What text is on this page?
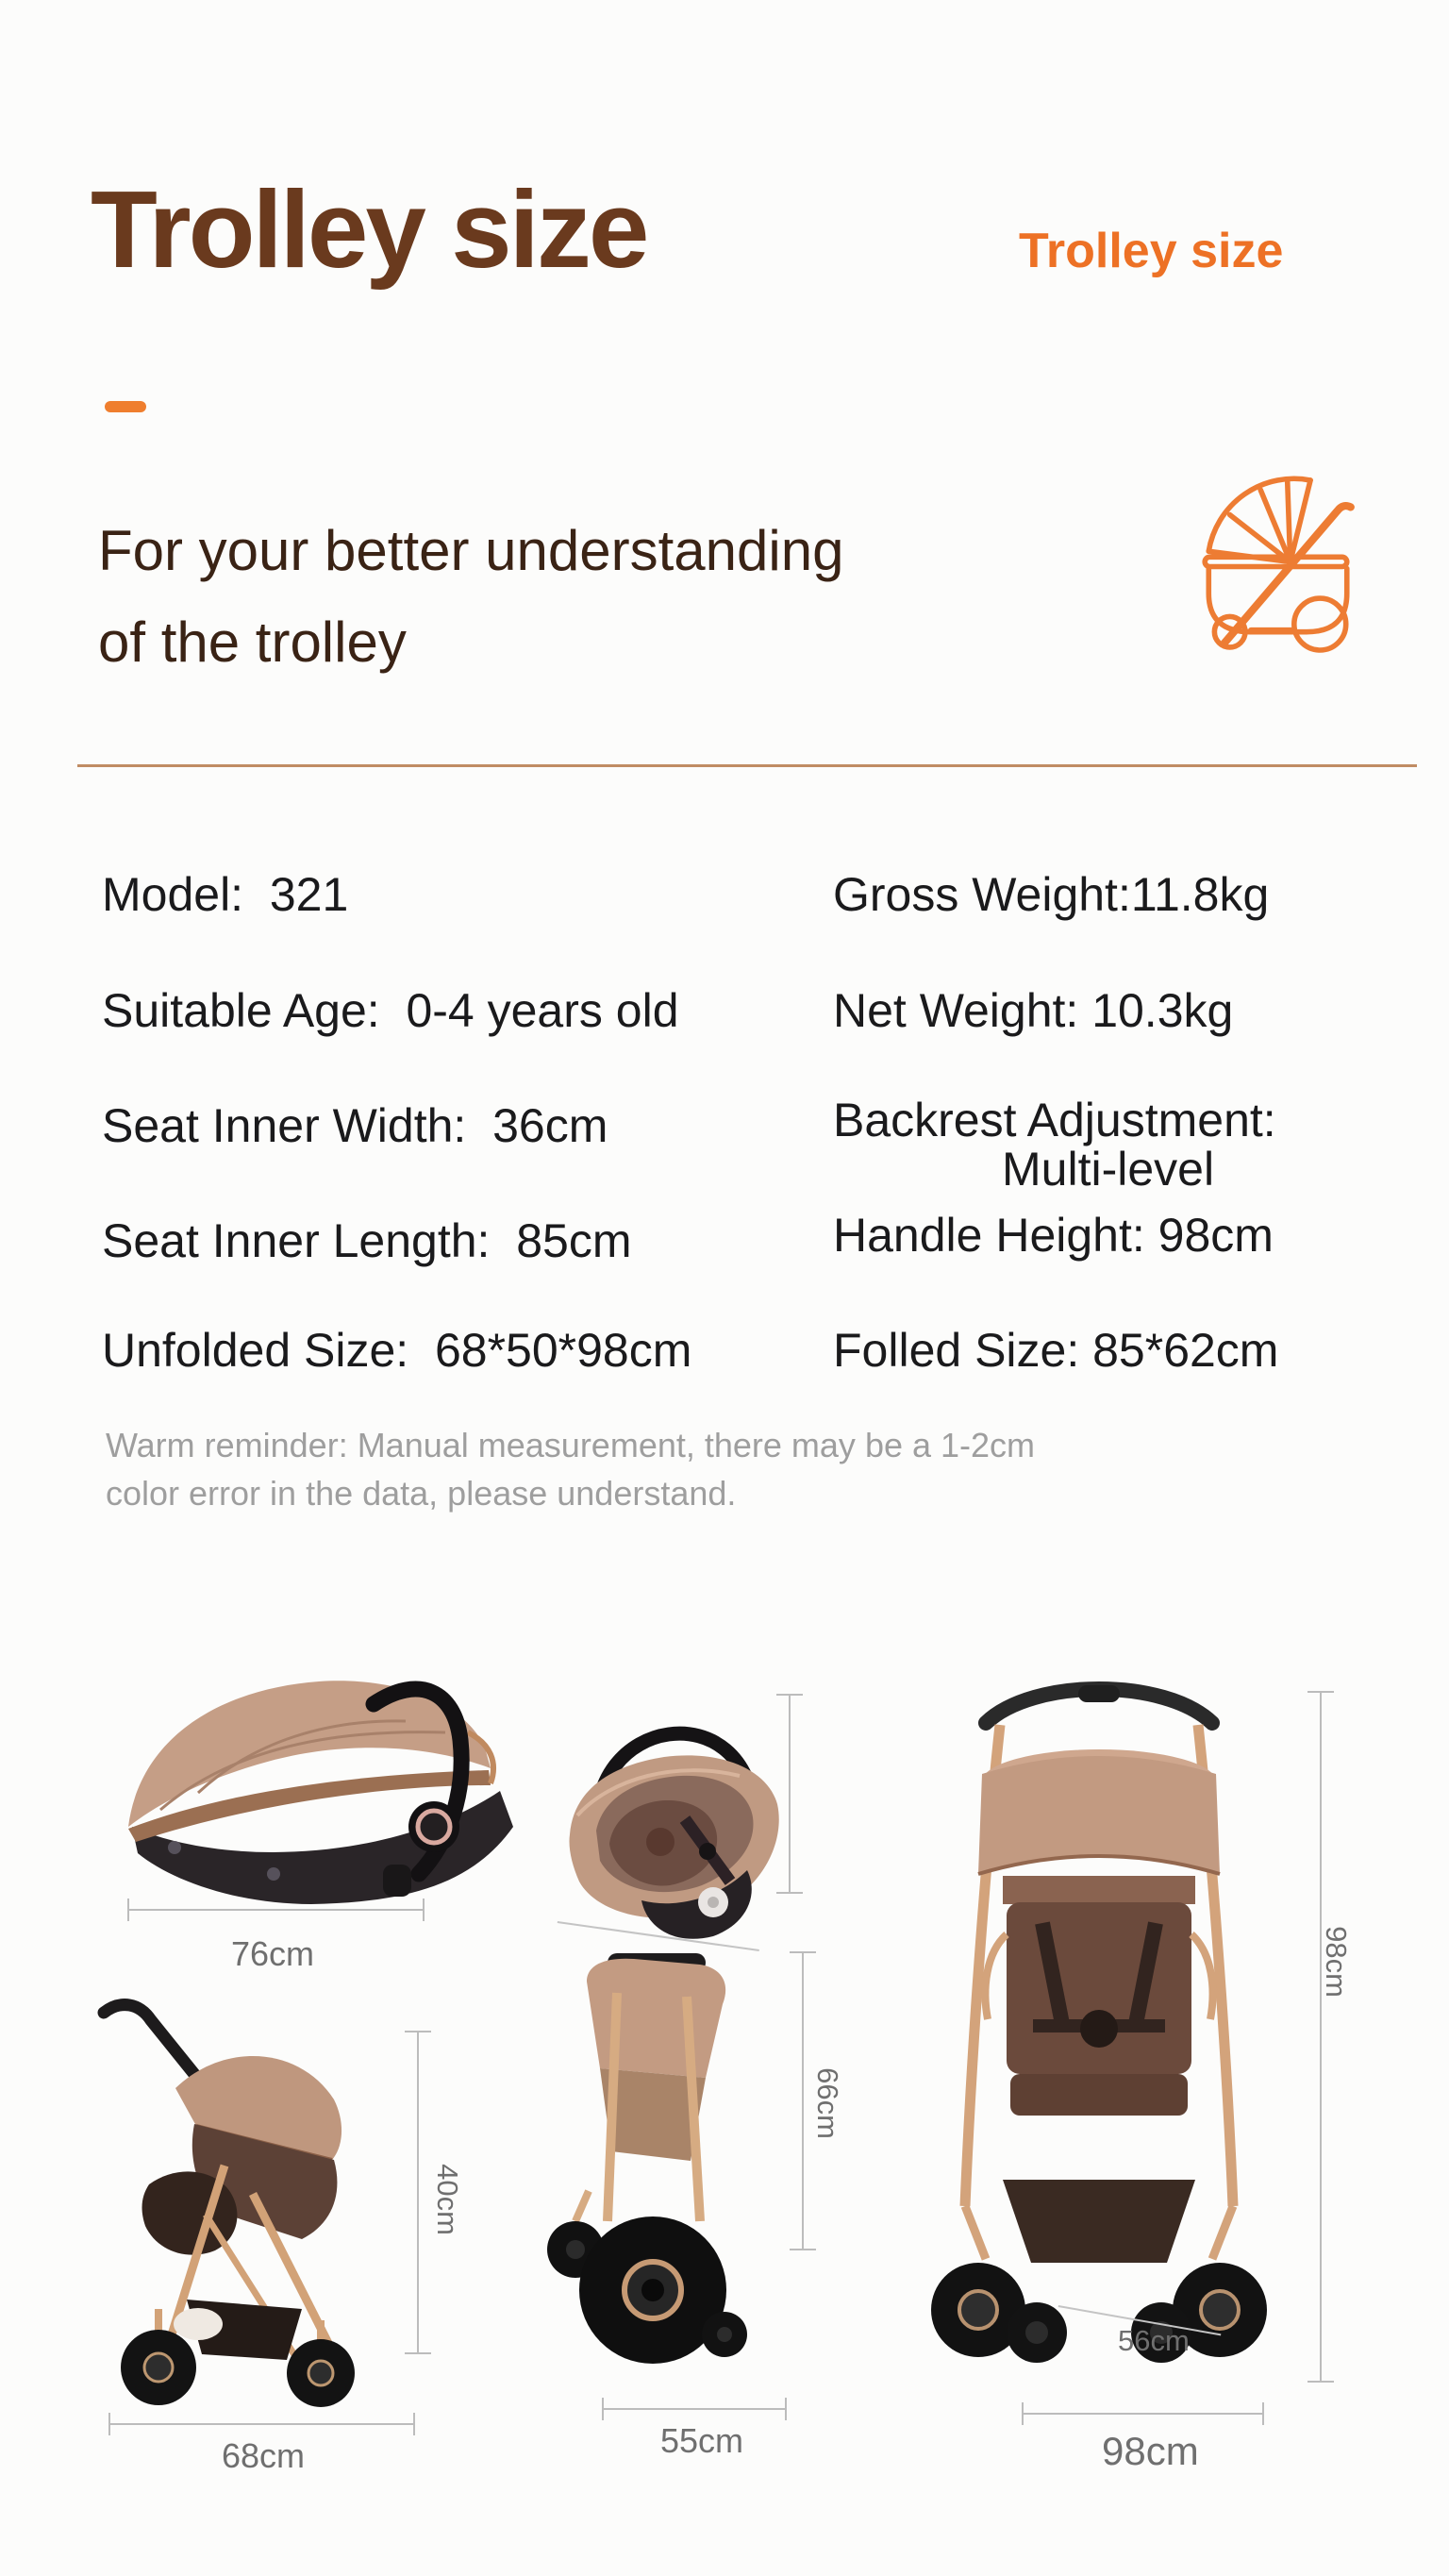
Trolley size	Trolley size
For your better understanding
of the trolley
Model:  321
Suitable Age:  0-4 years old
Seat Inner Width:  36cm
Seat Inner Length:  85cm
Unfolded Size:  68*50*98cm
Gross Weight:11.8kg
Net Weight: 10.3kg
Backrest Adjustment:
Multi-level
Handle Height: 98cm
Folled Size: 85*62cm
Warm reminder: Manual measurement, there may be a 1-2cm
color error in the data, please understand.
76cm	98cm
40cm
68cm
66cm
55cm
56cm
98cm
